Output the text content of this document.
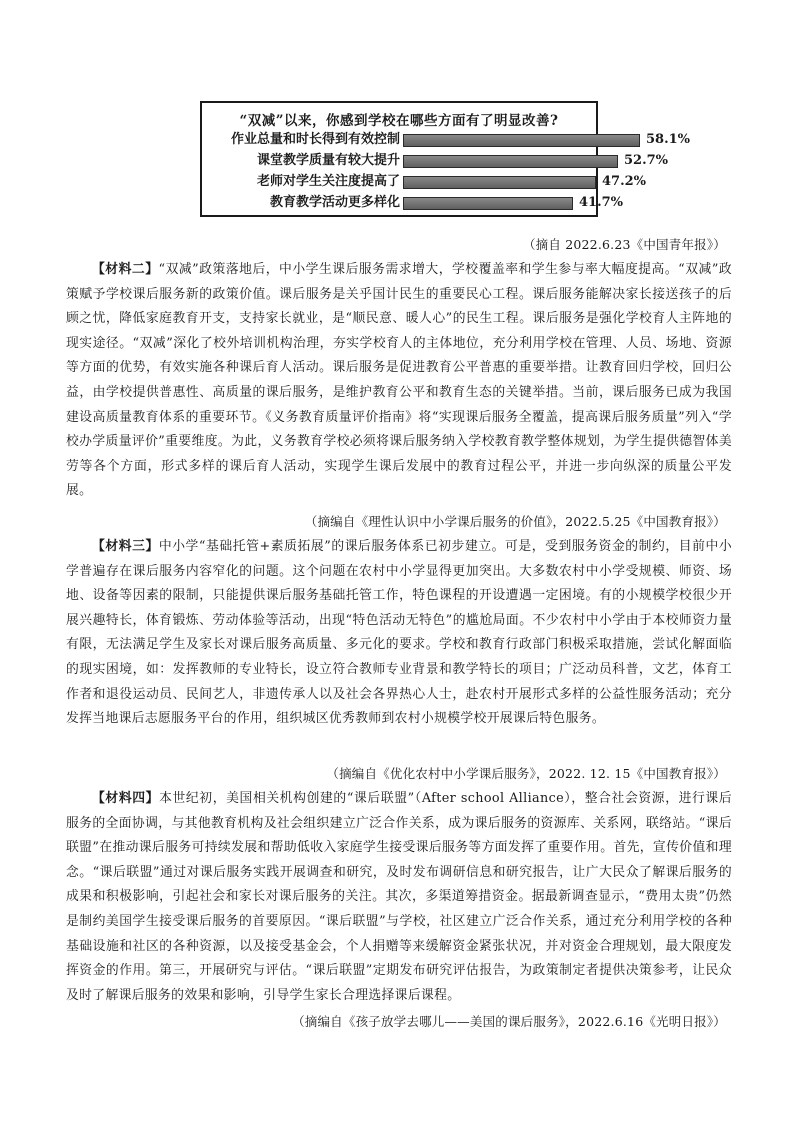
“双减”以来，你感到学校在哪些方面有了明显改善?
作业总量和时长得到有效控制	58.1%
课堂教学质量有较大提升	52.7%
老师对学生关注度提高了	47.2%
教育教学活动更多样化	41.7%
（摘自 2022.6.23《中国青年报》）
【材料二】“双减”政策落地后，中小学生课后服务需求增大，学校覆盖率和学生参与率大幅度提高。“双减”政策赋予学校课后服务新的政策价值。课后服务是关乎国计民生的重要民心工程。课后服务能解决家长接送孩子的后顾之忧，降低家庭教育开支，支持家长就业，是“顺民意、暖人心”的民生工程。课后服务是强化学校育人主阵地的现实途径。“双减”深化了校外培训机构治理，夯实学校育人的主体地位，充分利用学校在管理、人员、场地、资源等方面的优势，有效实施各种课后育人活动。课后服务是促进教育公平普惠的重要举措。让教育回归学校，回归公益，由学校提供普惠性、高质量的课后服务，是维护教育公平和教育生态的关键举措。当前，课后服务已成为我国建设高质量教育体系的重要环节。《义务教育质量评价指南》将“实现课后服务全覆盖，提高课后服务质量”列入“学校办学质量评价”重要维度。为此，义务教育学校必须将课后服务纳入学校教育教学整体规划，为学生提供德智体美劳等各个方面，形式多样的课后育人活动，实现学生课后发展中的教育过程公平，并进一步向纵深的质量公平发展。
（摘编自《理性认识中小学课后服务的价值》，2022.5.25《中国教育报》）
【材料三】中小学“基础托管+素质拓展”的课后服务体系已初步建立。可是，受到服务资金的制约，目前中小学普遍存在课后服务内容窄化的问题。这个问题在农村中小学显得更加突出。大多数农村中小学受规模、师资、场地、设备等因素的限制，只能提供课后服务基础托管工作，特色课程的开设遭遇一定困境。有的小规模学校很少开展兴趣特长，体育锻炼、劳动体验等活动，出现“特色活动无特色”的尴尬局面。不少农村中小学由于本校师资力量有限，无法满足学生及家长对课后服务高质量、多元化的要求。学校和教育行政部门积极采取措施，尝试化解面临的现实困境，如：发挥教师的专业特长，设立符合教师专业背景和教学特长的项目；广泛动员科普，文艺，体育工作者和退役运动员、民间艺人，非遗传承人以及社会各界热心人士，赴农村开展形式多样的公益性服务活动；充分发挥当地课后志愿服务平台的作用，组织城区优秀教师到农村小规模学校开展课后特色服务。
（摘编自《优化农村中小学课后服务》，2022. 12. 15《中国教育报》）
【材料四】本世纪初，美国相关机构创建的“课后联盟”（After school Alliance），整合社会资源，进行课后服务的全面协调，与其他教育机构及社会组织建立广泛合作关系，成为课后服务的资源库、关系网，联络站。“课后联盟”在推动课后服务可持续发展和帮助低收入家庭学生接受课后服务等方面发挥了重要作用。首先，宣传价值和理念。“课后联盟”通过对课后服务实践开展调查和研究，及时发布调研信息和研究报告，让广大民众了解课后服务的成果和积极影响，引起社会和家长对课后服务的关注。其次，多渠道筹措资金。据最新调查显示，“费用太贵”仍然是制约美国学生接受课后服务的首要原因。“课后联盟”与学校，社区建立广泛合作关系，通过充分利用学校的各种基础设施和社区的各种资源，以及接受基金会，个人捐赠等来缓解资金紧张状况，并对资金合理规划，最大限度发挥资金的作用。第三，开展研究与评估。“课后联盟”定期发布研究评估报告，为政策制定者提供决策参考，让民众及时了解课后服务的效果和影响，引导学生家长合理选择课后课程。
（摘编自《孩子放学去哪儿——美国的课后服务》，2022.6.16《光明日报》）
